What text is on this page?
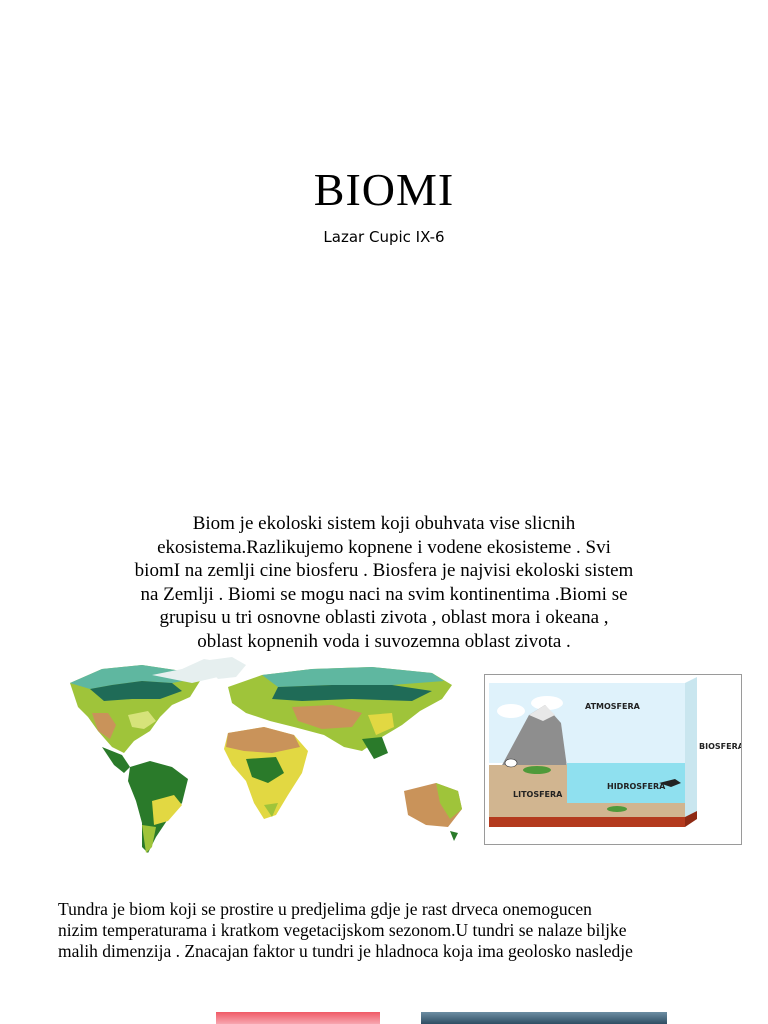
BIOMI
Lazar Cupic IX-6
Biom je ekoloski sistem koji obuhvata vise slicnih
ekosistema.Razlikujemo kopnene i vodene ekosisteme . Svi
biomI na zemlji cine biosferu . Biosfera je najvisi ekoloski sistem
na Zemlji . Biomi se mogu naci na svim kontinentima .Biomi se
grupisu u tri osnovne oblasti zivota , oblast mora i okeana ,
oblast kopnenih voda i suvozemna oblast zivota .
ATMOSFERA
BIOSFERA
HIDROSFERA
LITOSFERA
Tundra je biom koji se prostire u predjelima gdje je rast drveca onemogucen
nizim temperaturama i kratkom vegetacijskom sezonom.U tundri se nalaze biljke
malih dimenzija . Znacajan faktor u tundri je hladnoca koja ima geolosko nasledje
